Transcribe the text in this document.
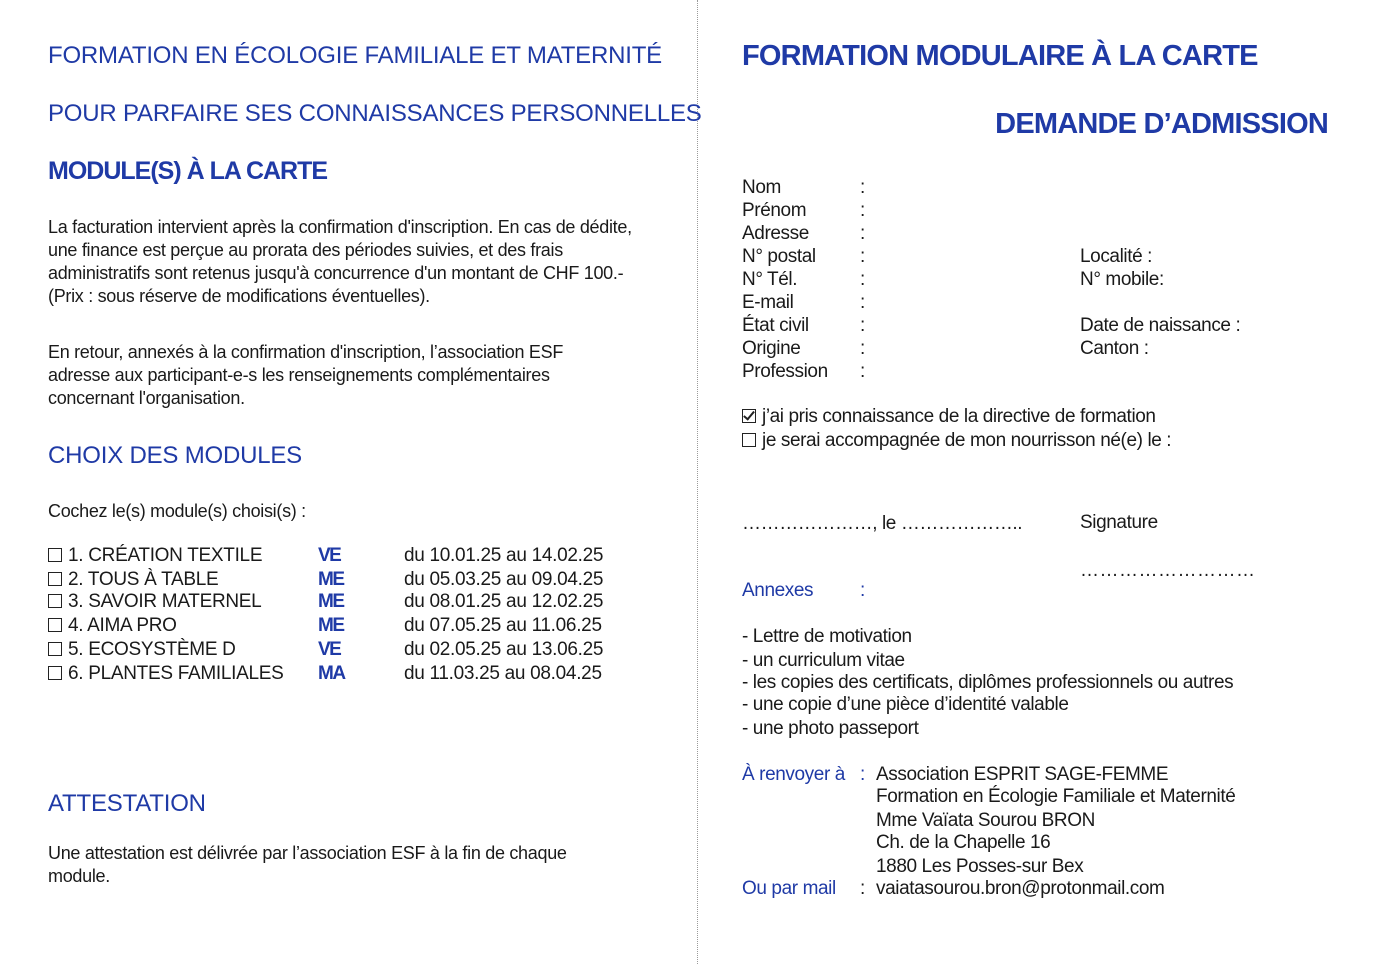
FORMATION EN ÉCOLOGIE FAMILIALE ET MATERNITÉ
POUR PARFAIRE SES CONNAISSANCES PERSONNELLES
MODULE(S) À LA CARTE

La facturation intervient après la confirmation d'inscription. En cas de dédite,

une finance est perçue au prorata des périodes suivies, et des frais

administratifs sont retenus jusqu'à concurrence d'un montant de CHF 100.-

(Prix : sous réserve de modifications éventuelles).

En retour, annexés à la confirmation d'inscription, l’association ESF

adresse aux participant-e-s les renseignements complémentaires

concernant l'organisation.

CHOIX DES MODULES
Cochez le(s) module(s) choisi(s) :
1. CRÉATION TEXTILE	VE	du 10.01.25 au 14.02.25
2. TOUS À TABLE	ME	du 05.03.25 au 09.04.25
3. SAVOIR MATERNEL	ME	du 08.01.25 au 12.02.25
4. AIMA PRO	ME	du 07.05.25 au 11.06.25
5. ECOSYSTÈME D	VE	du 02.05.25 au 13.06.25
6. PLANTES FAMILIALES MA	du 11.03.25 au 08.04.25
ATTESTATION

Une attestation est délivrée par l’association ESF à la fin de chaque

module.

FORMATION MODULAIRE À LA CARTE
DEMANDE D’ADMISSION
Nom	:
Prénom	:
Adresse	:
N° postal :	Localité :
N° Tél.	:	N° mobile:
E-mail	:
État civil	:	Date de naissance :
Origine	:	Canton :
Profession :
j’ai pris connaissance de la directive de formation
je serai accompagnée de mon nourrisson né(e) le :
…………………, le ………………..	Signature
………………………
Annexes :
- Lettre de motivation
- un curriculum vitae
- les copies des certificats, diplômes professionnels ou autres
- une copie d’une pièce d’identité valable
- une photo passeport
À renvoyer à : Association ESPRIT SAGE-FEMME
Formation en Écologie Familiale et Maternité
Mme Vaïata Sourou BRON
Ch. de la Chapelle 16
1880 Les Posses-sur Bex
Ou par mail : vaiatasourou.bron@protonmail.com
